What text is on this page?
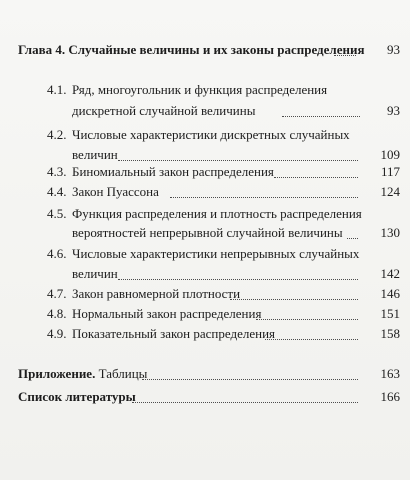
Глава 4. Случайные величины и их законы распределения	93
4.1. Ряд, многоугольник и функция распределения
дискретной случайной величины	93
4.2. Числовые характеристики дискретных случайных
величин	109
4.3. Биномиальный закон распределения	117
4.4. Закон Пуассона	124
4.5. Функция распределения и плотность распределения
вероятностей непрерывной случайной величины	130
4.6. Числовые характеристики непрерывных случайных
величин	142
4.7. Закон равномерной плотности	146
4.8. Нормальный закон распределения	151
4.9. Показательный закон распределения	158
Приложение. Таблицы	163
Список литературы	166
